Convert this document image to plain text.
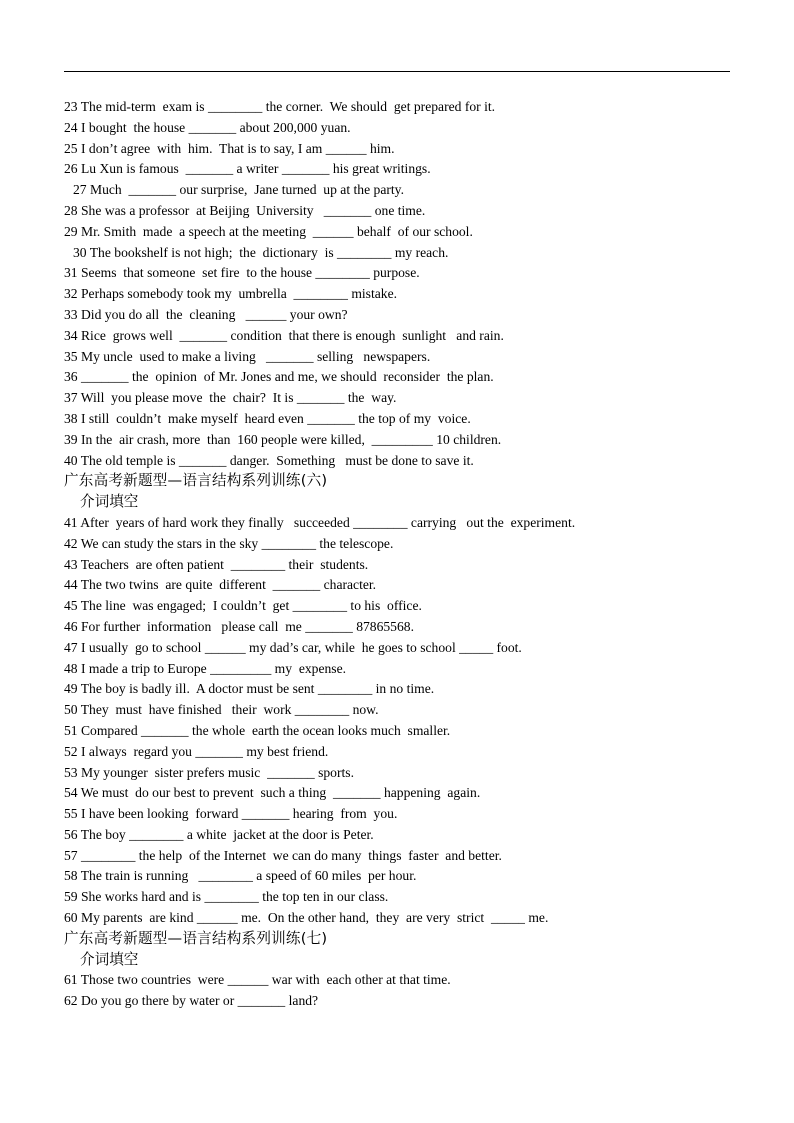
23 The mid-term  exam is ________ the corner.  We should  get prepared for it.
24 I bought  the house _______ about 200,000 yuan.
25 I don’t agree  with  him.  That is to say, I am ______ him.
26 Lu Xun is famous  _______ a writer _______ his great writings.
27 Much  _______ our surprise,  Jane turned  up at the party.
28 She was a professor  at Beijing  University   _______ one time.
29 Mr. Smith  made  a speech at the meeting  ______ behalf  of our school.
30 The bookshelf is not high;  the  dictionary  is ________ my reach.
31 Seems  that someone  set fire  to the house ________ purpose.
32 Perhaps somebody took my  umbrella  ________ mistake.
33 Did you do all  the  cleaning   ______ your own?
34 Rice  grows well  _______ condition  that there is enough  sunlight   and rain.
35 My uncle  used to make a living   _______ selling   newspapers.
36 _______ the  opinion  of Mr. Jones and me, we should  reconsider  the plan.
37 Will  you please move  the  chair?  It is _______ the  way.
38 I still  couldn’t  make myself  heard even _______ the top of my  voice.
39 In the  air crash, more  than  160 people were killed,  _________ 10 children.
40 The old temple is _______ danger.  Something   must be done to save it.
广东高考新题型—语言结构系列训练(六)
介词填空
41 After  years of hard work they finally   succeeded ________ carrying   out the  experiment.
42 We can study the stars in the sky ________ the telescope.
43 Teachers  are often patient  ________ their  students.
44 The two twins  are quite  different  _______ character.
45 The line  was engaged;  I couldn’t  get ________ to his  office.
46 For further  information   please call  me _______ 87865568.
47 I usually  go to school ______ my dad’s car, while  he goes to school _____ foot.
48 I made a trip to Europe _________ my  expense.
49 The boy is badly ill.  A doctor must be sent ________ in no time.
50 They  must  have finished   their  work ________ now.
51 Compared _______ the whole  earth the ocean looks much  smaller.
52 I always  regard you _______ my best friend.
53 My younger  sister prefers music  _______ sports.
54 We must  do our best to prevent  such a thing  _______ happening  again.
55 I have been looking  forward _______ hearing  from  you.
56 The boy ________ a white  jacket at the door is Peter.
57 ________ the help  of the Internet  we can do many  things  faster  and better.
58 The train is running   ________ a speed of 60 miles  per hour.
59 She works hard and is ________ the top ten in our class.
60 My parents  are kind ______ me.  On the other hand,  they  are very  strict  _____ me.
广东高考新题型—语言结构系列训练(七)
介词填空
61 Those two countries  were ______ war with  each other at that time.
62 Do you go there by water or _______ land?
